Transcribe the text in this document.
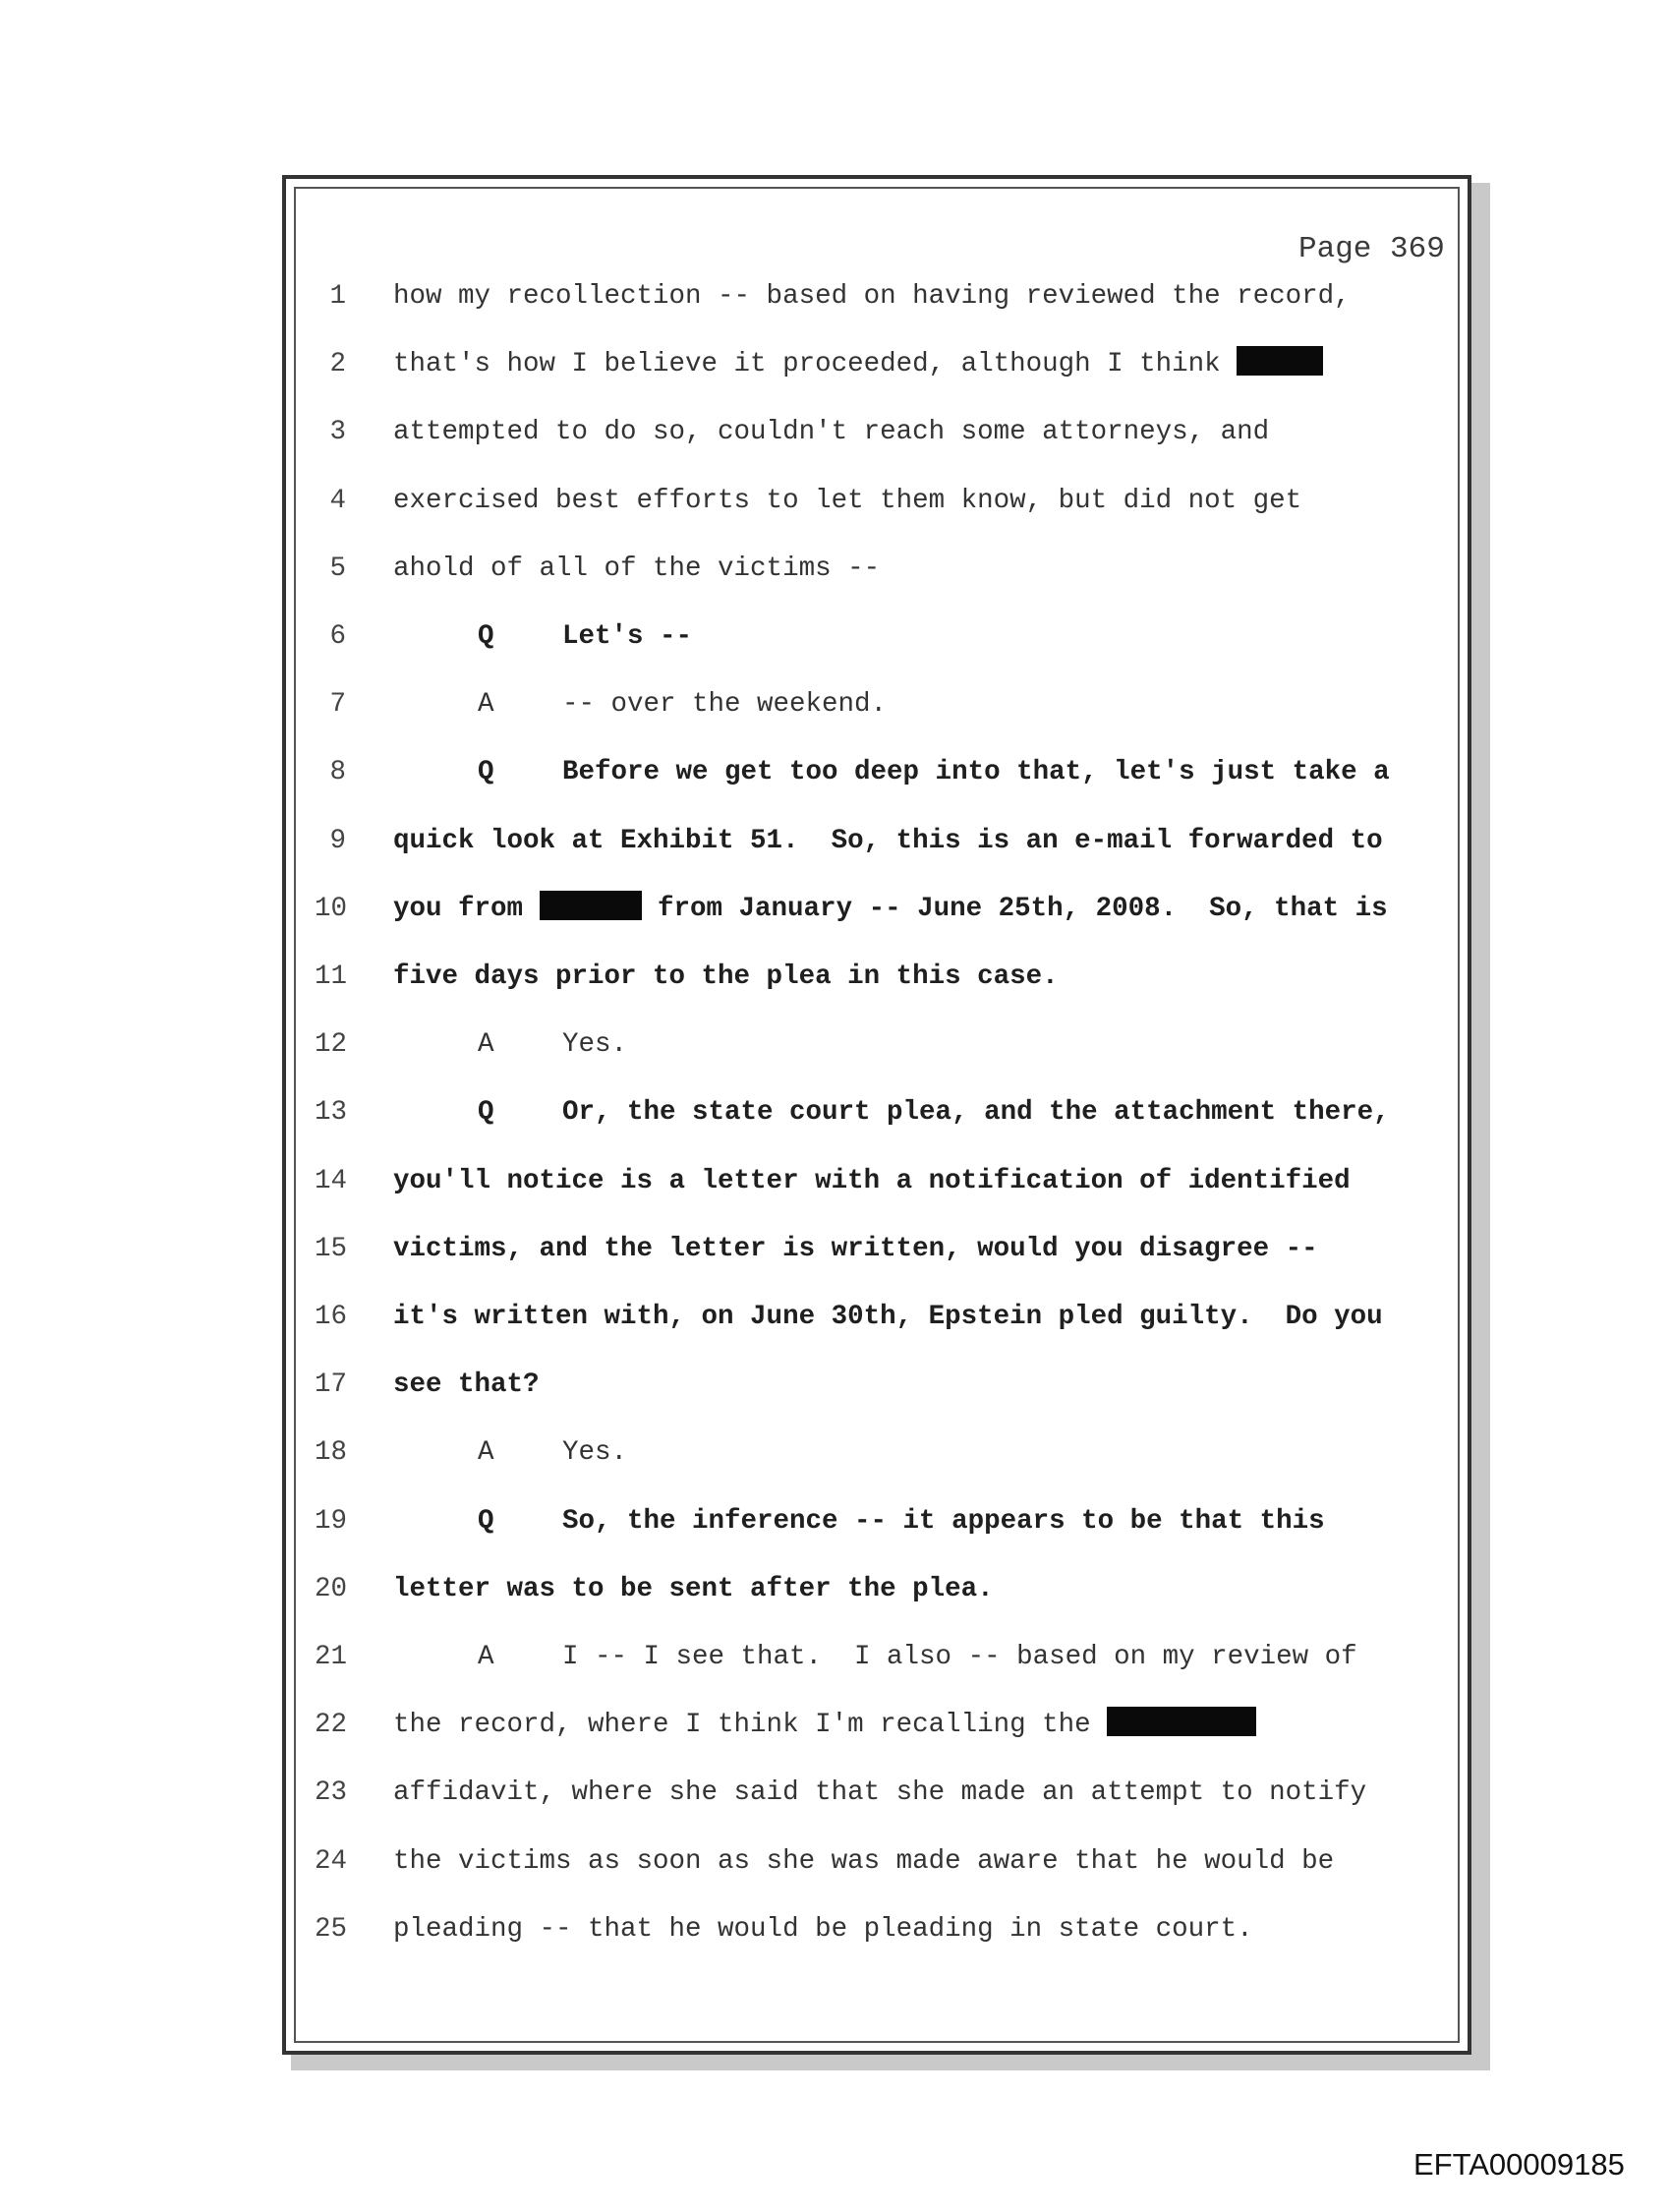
Page 369
1 how my recollection -- based on having reviewed the record,
2 that's how I believe it proceeded, although I think
3 attempted to do so, couldn't reach some attorneys, and
4 exercised best efforts to let them know, but did not get
5 ahold of all of the victims --
6	Q	Let's --
7	A	-- over the weekend.
8	Q	Before we get too deep into that, let's just take a
9 quick look at Exhibit 51.  So, this is an e-mail forwarded to
10 you from	from January -- June 25th, 2008.  So, that is
11 five days prior to the plea in this case.
12	A	Yes.
13	Q	Or, the state court plea, and the attachment there,
14 you'll notice is a letter with a notification of identified
15 victims, and the letter is written, would you disagree --
16 it's written with, on June 30th, Epstein pled guilty.  Do you
17 see that?
18	A	Yes.
19	Q	So, the inference -- it appears to be that this
20 letter was to be sent after the plea.
21	A	I -- I see that.  I also -- based on my review of
22 the record, where I think I'm recalling the
23 affidavit, where she said that she made an attempt to notify
24 the victims as soon as she was made aware that he would be
25 pleading -- that he would be pleading in state court.
EFTA00009185
